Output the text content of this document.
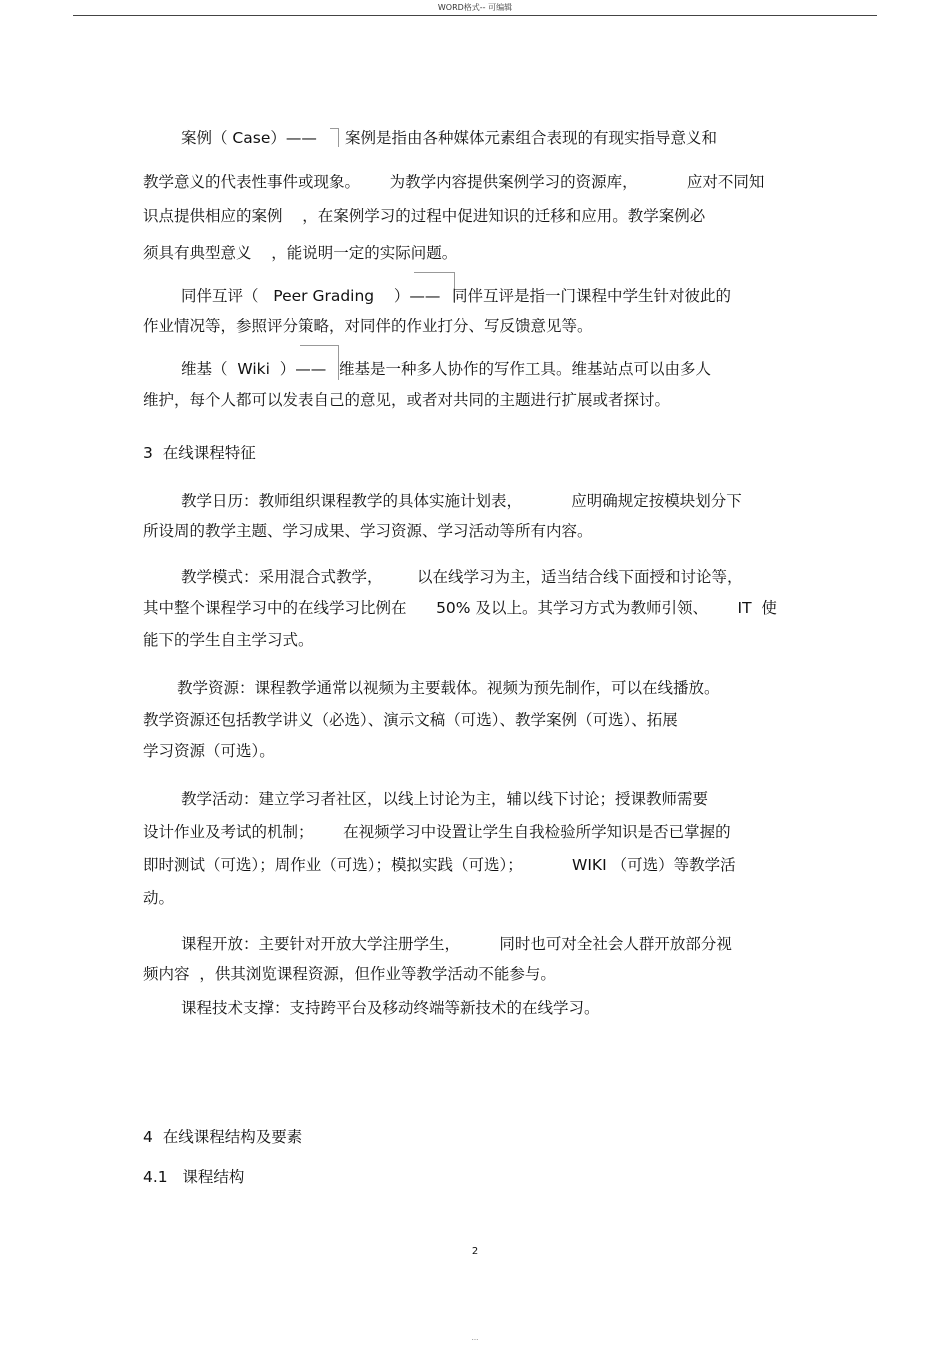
WORD格式-- 可编辑
案例（ Case）—— 案例是指由各种媒体元素组合表现的有现实指导意义和
教学意义的代表性事件或现象。      为教学内容提供案例学习的资源库，          应对不同知
识点提供相应的案例    ，在案例学习的过程中促进知识的迁移和应用。教学案例必
须具有典型意义    ，能说明一定的实际问题。
同伴互评（   Peer Grading    ）—— 同伴互评是指一门课程中学生针对彼此的
作业情况等，参照评分策略，对同伴的作业打分、写反馈意见等。
维基（  Wiki  ）—— 维基是一种多人协作的写作工具。维基站点可以由多人
维护，每个人都可以发表自己的意见，或者对共同的主题进行扩展或者探讨。
3  在线课程特征
教学日历：教师组织课程教学的具体实施计划表，          应明确规定按模块划分下
所设周的教学主题、学习成果、学习资源、学习活动等所有内容。
教学模式：采用混合式教学，       以在线学习为主，适当结合线下面授和讨论等，
其中整个课程学习中的在线学习比例在      50% 及以上。其学习方式为教师引领、      IT  使
能下的学生自主学习式。
教学资源：课程教学通常以视频为主要载体。视频为预先制作，可以在线播放。
教学资源还包括教学讲义（必选）、演示文稿（可选）、教学案例（可选）、拓展
学习资源（可选）。
教学活动：建立学习者社区，以线上讨论为主，辅以线下讨论；授课教师需要
设计作业及考试的机制；      在视频学习中设置让学生自我检验所学知识是否已掌握的
即时测试（可选）；周作业（可选）；模拟实践（可选）；          WIKI （可选）等教学活
动。
课程开放：主要针对开放大学注册学生，        同时也可对全社会人群开放部分视
频内容  ，供其浏览课程资源，但作业等教学活动不能参与。
课程技术支撑：支持跨平台及移动终端等新技术的在线学习。
4  在线课程结构及要素
4.1   课程结构
2
...
